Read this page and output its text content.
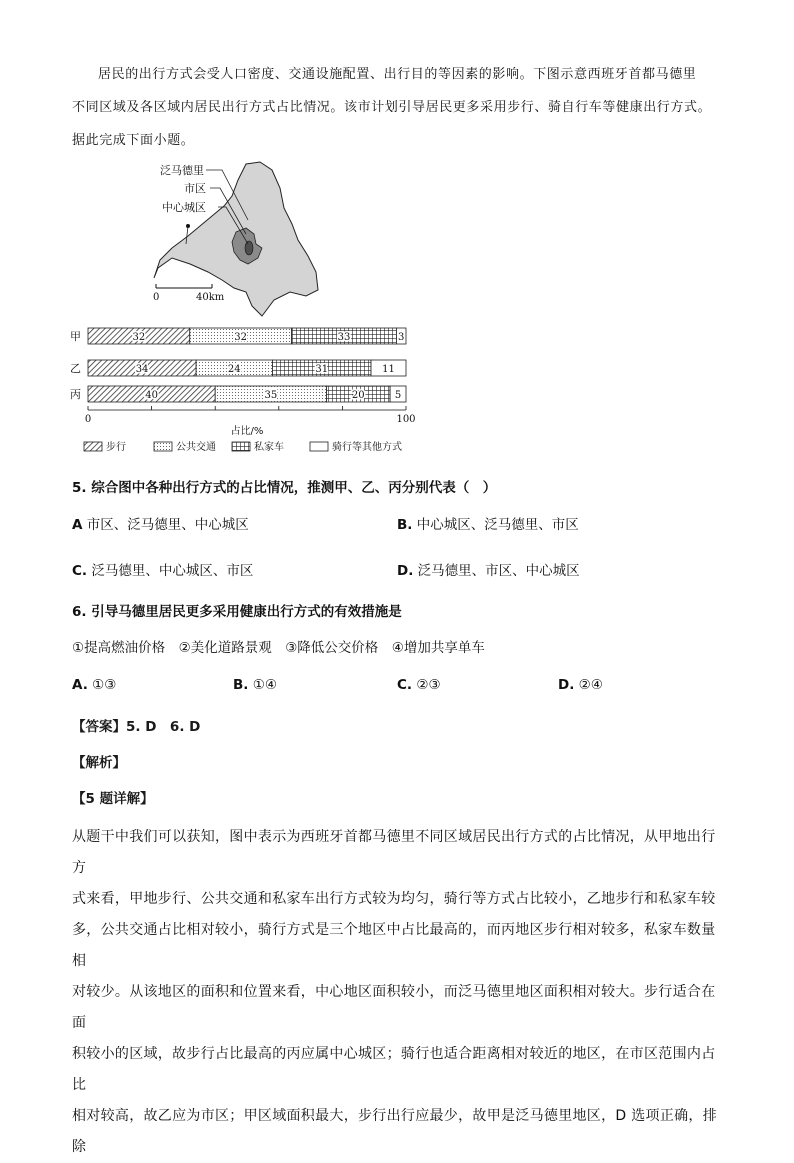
居民的出行方式会受人口密度、交通设施配置、出行目的等因素的影响。下图示意西班牙首都马德里

不同区域及各区域内居民出行方式占比情况。该市计划引导居民更多采用步行、骑自行车等健康出行方式。
据此完成下面小题。
泛马德里
市区
中心城区
0	40km
甲	32	32	33	3
乙	34	24	31	11
丙	40	35	20	5
0	100
占比/%
步行	公共交通	私家车	骑行等其他方式
5. 综合图中各种出行方式的占比情况，推测甲、乙、丙分别代表（　）
A 市区、泛马德里、中心城区	B. 中心城区、泛马德里、市区
C. 泛马德里、中心城区、市区	D. 泛马德里、市区、中心城区
6. 引导马德里居民更多采用健康出行方式的有效措施是
①提高燃油价格　②美化道路景观　③降低公交价格　④增加共享单车
A. ①③	B. ①④	C. ②③	D. ②④
【答案】5. D　6. D
【解析】
【5 题详解】

从题干中我们可以获知，图中表示为西班牙首都马德里不同区域居民出行方式的占比情况，从甲地出行方

式来看，甲地步行、公共交通和私家车出行方式较为均匀，骑行等方式占比较小，乙地步行和私家车较

多，公共交通占比相对较小，骑行方式是三个地区中占比最高的，而丙地区步行相对较多，私家车数量相

对较少。从该地区的面积和位置来看，中心地区面积较小，而泛马德里地区面积相对较大。步行适合在面

积较小的区域，故步行占比最高的丙应属中心城区；骑行也适合距离相对较近的地区，在市区范围内占比

相对较高，故乙应为市区；甲区域面积最大，步行出行应最少，故甲是泛马德里地区，D 选项正确，排除
